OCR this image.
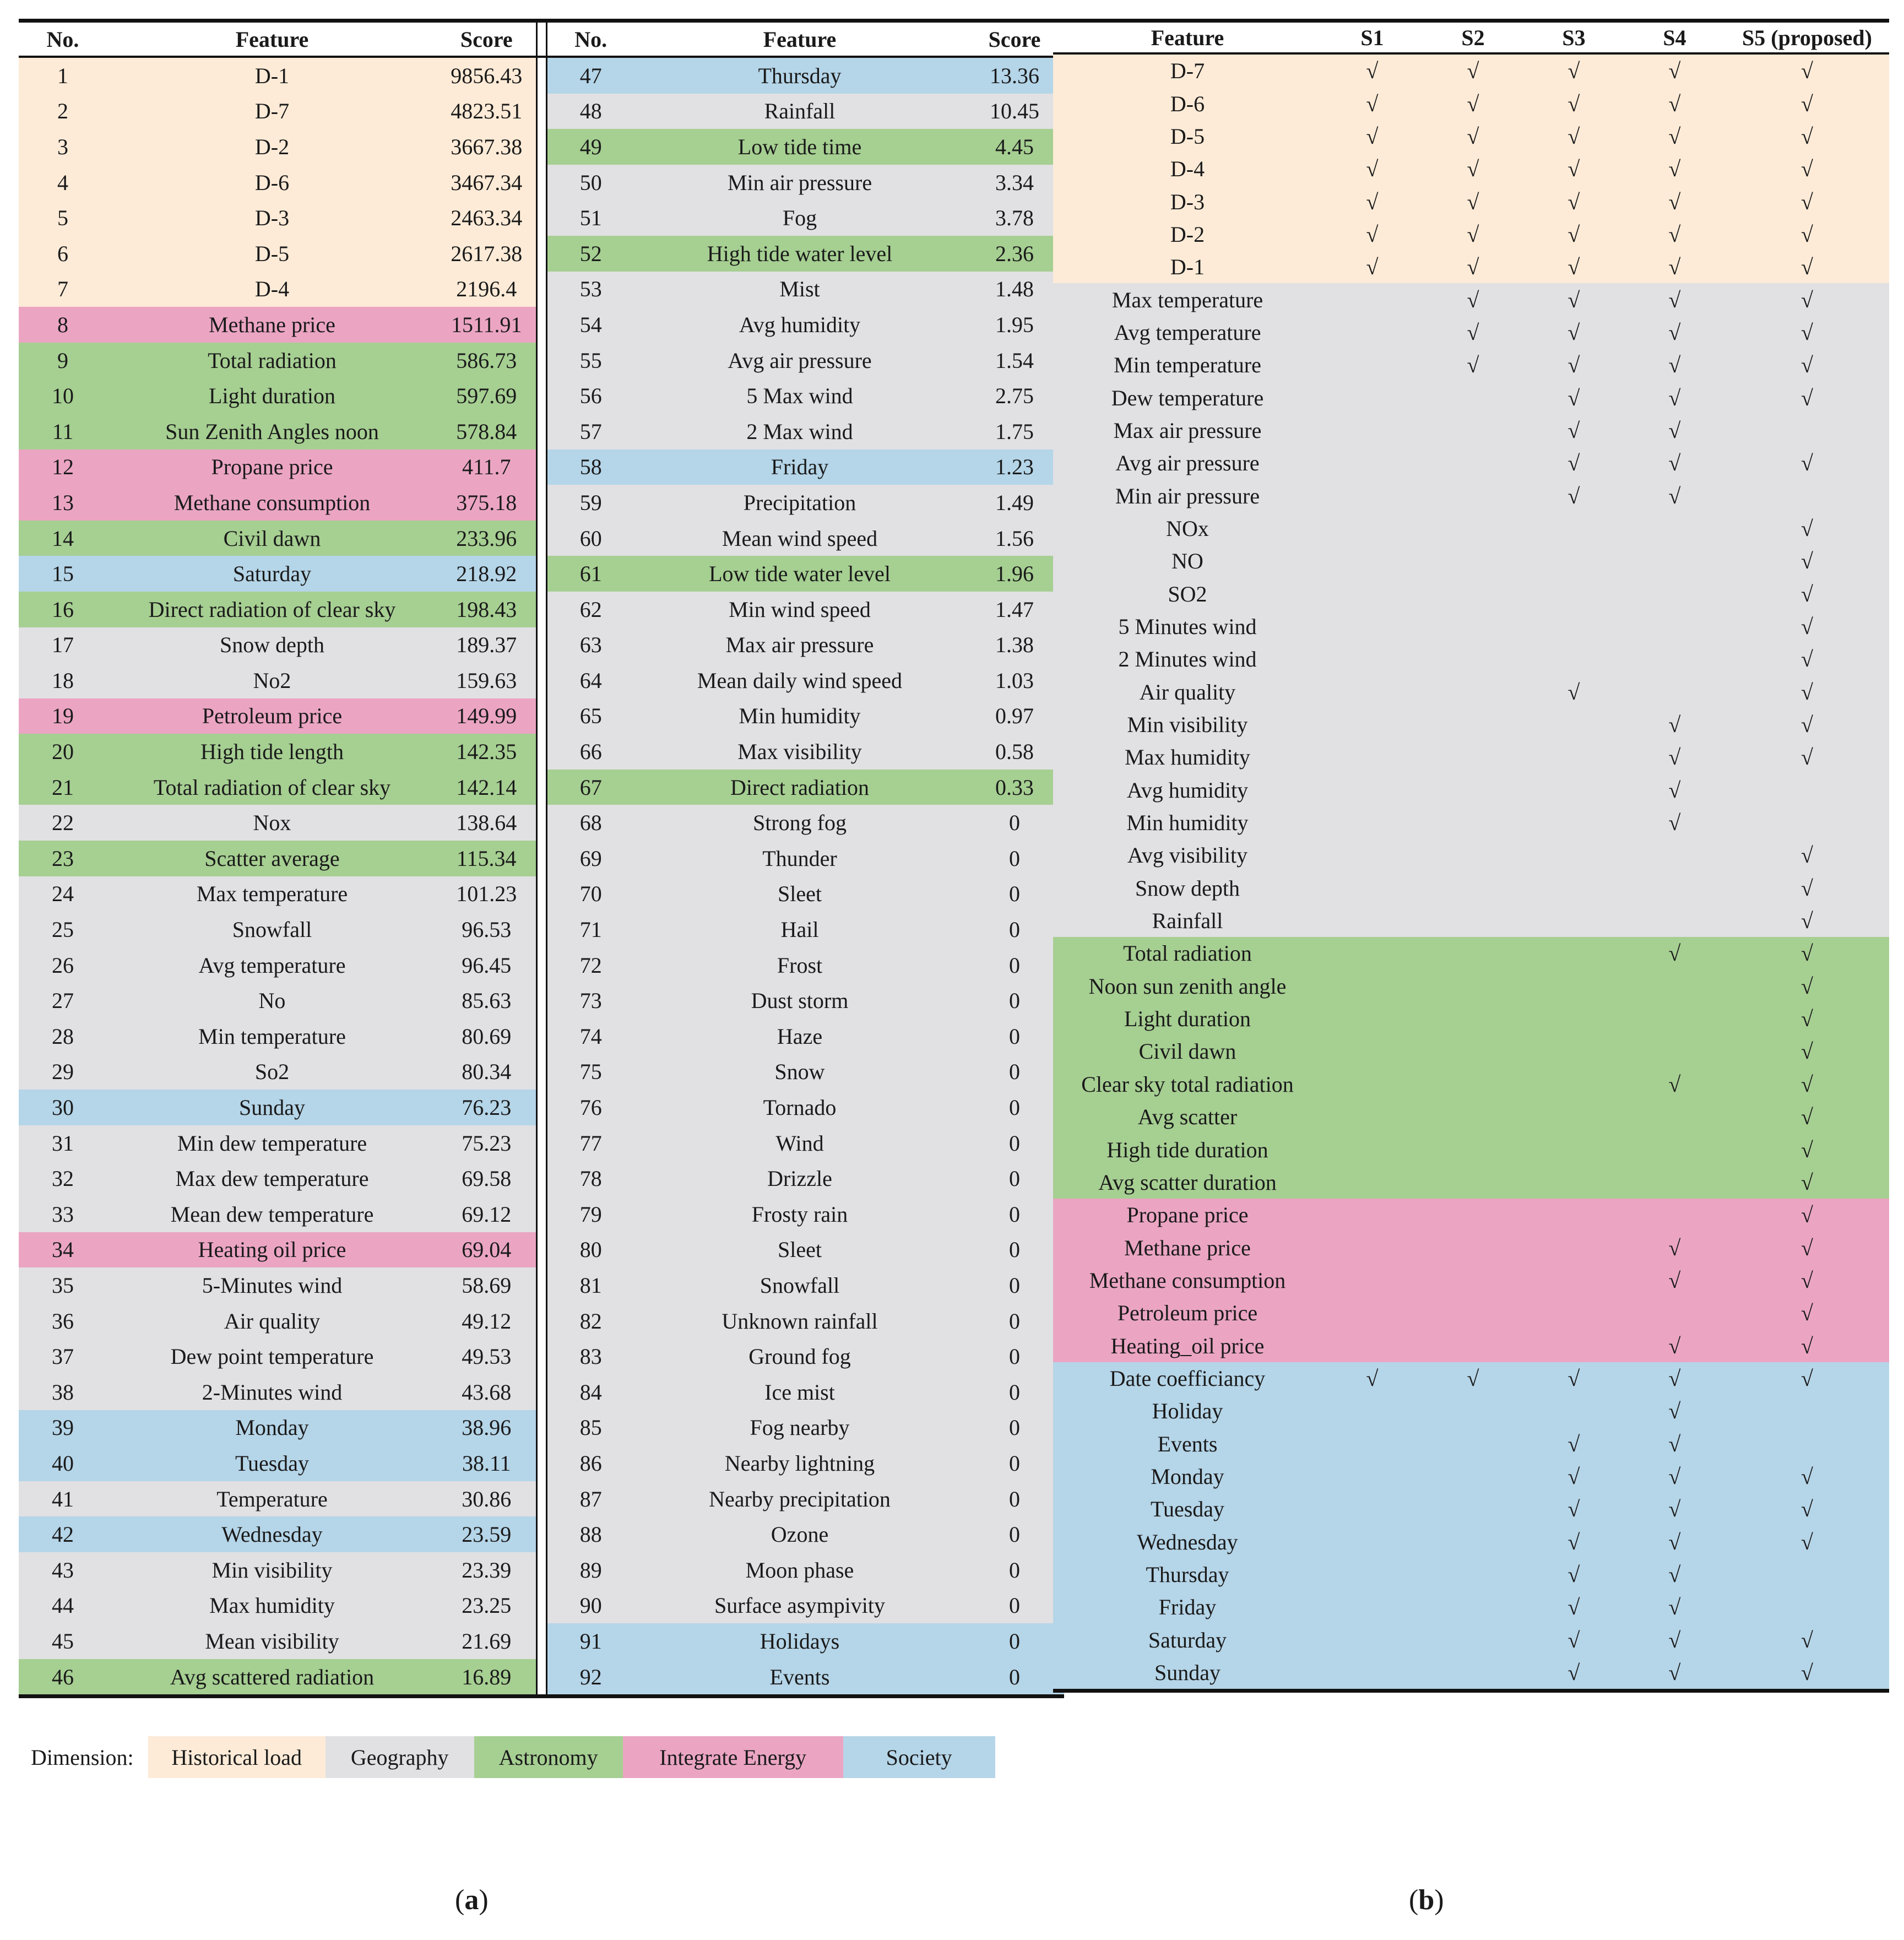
No.	Feature	Score		No.	Feature	Score
1	D-1	9856.43		47	Thursday	13.36
2	D-7	4823.51		48	Rainfall	10.45
3	D-2	3667.38		49	Low tide time	4.45
4	D-6	3467.34		50	Min air pressure	3.34
5	D-3	2463.34		51	Fog	3.78
6	D-5	2617.38		52	High tide water level	2.36
7	D-4	2196.4		53	Mist	1.48
8	Methane price	1511.91		54	Avg humidity	1.95
9	Total radiation	586.73		55	Avg air pressure	1.54
10	Light duration	597.69		56	5 Max wind	2.75
11	Sun Zenith Angles noon	578.84		57	2 Max wind	1.75
12	Propane price	411.7		58	Friday	1.23
13	Methane consumption	375.18		59	Precipitation	1.49
14	Civil dawn	233.96		60	Mean wind speed	1.56
15	Saturday	218.92		61	Low tide water level	1.96
16	Direct radiation of clear sky	198.43		62	Min wind speed	1.47
17	Snow depth	189.37		63	Max air pressure	1.38
18	No2	159.63		64	Mean daily wind speed	1.03
19	Petroleum price	149.99		65	Min humidity	0.97
20	High tide length	142.35		66	Max visibility	0.58
21	Total radiation of clear sky	142.14		67	Direct radiation	0.33
22	Nox	138.64		68	Strong fog	0
23	Scatter average	115.34		69	Thunder	0
24	Max temperature	101.23		70	Sleet	0
25	Snowfall	96.53		71	Hail	0
26	Avg temperature	96.45		72	Frost	0
27	No	85.63		73	Dust storm	0
28	Min temperature	80.69		74	Haze	0
29	So2	80.34		75	Snow	0
30	Sunday	76.23		76	Tornado	0
31	Min dew temperature	75.23		77	Wind	0
32	Max dew temperature	69.58		78	Drizzle	0
33	Mean dew temperature	69.12		79	Frosty rain	0
34	Heating oil price	69.04		80	Sleet	0
35	5-Minutes wind	58.69		81	Snowfall	0
36	Air quality	49.12		82	Unknown rainfall	0
37	Dew point temperature	49.53		83	Ground fog	0
38	2-Minutes wind	43.68		84	Ice mist	0
39	Monday	38.96		85	Fog nearby	0
40	Tuesday	38.11		86	Nearby lightning	0
41	Temperature	30.86		87	Nearby precipitation	0
42	Wednesday	23.59		88	Ozone	0
43	Min visibility	23.39		89	Moon phase	0
44	Max humidity	23.25		90	Surface asympivity	0
45	Mean visibility	21.69		91	Holidays	0
46	Avg scattered radiation	16.89		92	Events	0
Feature	S1	S2	S3	S4	S5 (proposed)
D-7	√	√	√	√	√
D-6	√	√	√	√	√
D-5	√	√	√	√	√
D-4	√	√	√	√	√
D-3	√	√	√	√	√
D-2	√	√	√	√	√
D-1	√	√	√	√	√
Max temperature		√	√	√	√
Avg temperature		√	√	√	√
Min temperature		√	√	√	√
Dew temperature			√	√	√
Max air pressure			√	√	
Avg air pressure			√	√	√
Min air pressure			√	√	
NOx					√
NO					√
SO2					√
5 Minutes wind					√
2 Minutes wind					√
Air quality			√		√
Min visibility				√	√
Max humidity				√	√
Avg humidity				√	
Min humidity				√	
Avg visibility					√
Snow depth					√
Rainfall					√
Total radiation				√	√
Noon sun zenith angle					√
Light duration					√
Civil dawn					√
Clear sky total radiation				√	√
Avg scatter					√
High tide duration					√
Avg scatter duration					√
Propane price					√
Methane price				√	√
Methane consumption				√	√
Petroleum price					√
Heating_oil price				√	√
Date coefficiancy	√	√	√	√	√
Holiday				√	
Events			√	√	
Monday			√	√	√
Tuesday			√	√	√
Wednesday			√	√	√
Thursday			√	√	
Friday			√	√	
Saturday			√	√	√
Sunday			√	√	√
Dimension:	Historical load	Geography	Astronomy	Integrate Energy	Society
(a)	(b)
